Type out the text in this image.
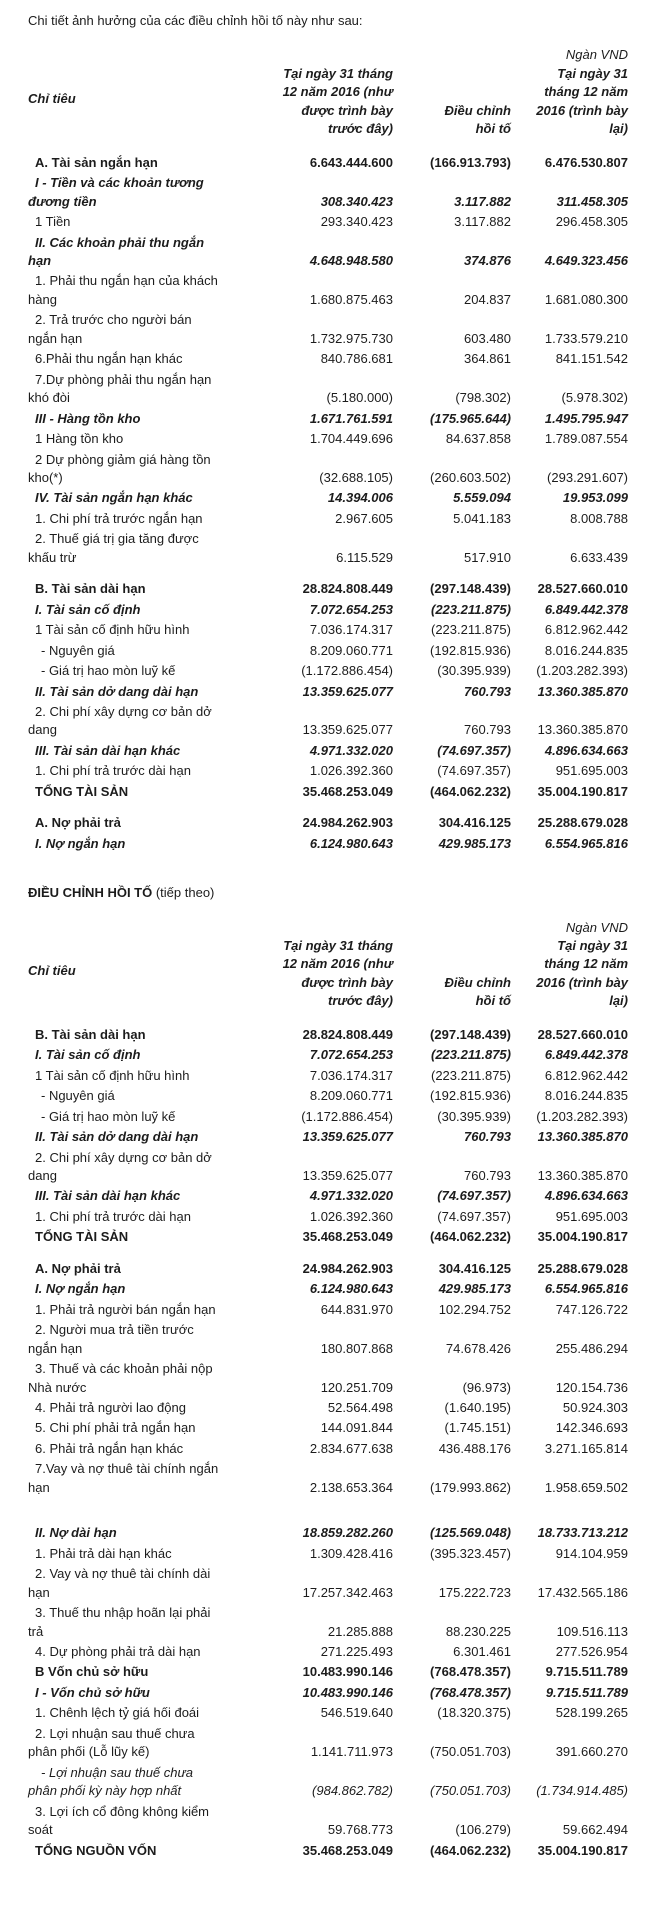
Chi tiết ảnh hưởng của các điều chỉnh hồi tố này như sau:

Ngàn VND
Chỉ tiêu	Tại ngày 31 tháng 12 năm 2016 (như được trình bày trước đây)	Điều chỉnh hồi tố	Tại ngày 31 tháng 12 năm 2016 (trình bày lại)
A. Tài sản ngắn hạn	6.643.444.600	(166.913.793)	6.476.530.807
I - Tiền và các khoản tương đương tiền	308.340.423	3.117.882	311.458.305
1 Tiền	293.340.423	3.117.882	296.458.305
II. Các khoản phải thu ngắn hạn	4.648.948.580	374.876	4.649.323.456
1. Phải thu ngắn hạn của khách hàng	1.680.875.463	204.837	1.681.080.300
2. Trả trước cho người bán ngắn hạn	1.732.975.730	603.480	1.733.579.210
6.Phải thu ngắn hạn khác	840.786.681	364.861	841.151.542
7.Dự phòng phải thu ngắn hạn khó đòi	(5.180.000)	(798.302)	(5.978.302)
III - Hàng tồn kho	1.671.761.591	(175.965.644)	1.495.795.947
1 Hàng tồn kho	1.704.449.696	84.637.858	1.789.087.554
2 Dự phòng giảm giá hàng tồn kho(*)	(32.688.105)	(260.603.502)	(293.291.607)
IV. Tài sản ngắn hạn khác	14.394.006	5.559.094	19.953.099
1. Chi phí trả trước ngắn hạn	2.967.605	5.041.183	8.008.788
2. Thuế giá trị gia tăng được khấu trừ	6.115.529	517.910	6.633.439
B. Tài sản dài hạn	28.824.808.449	(297.148.439)	28.527.660.010
I. Tài sản cố định	7.072.654.253	(223.211.875)	6.849.442.378
1 Tài sản cố định hữu hình	7.036.174.317	(223.211.875)	6.812.962.442
- Nguyên giá	8.209.060.771	(192.815.936)	8.016.244.835
- Giá trị hao mòn luỹ kế	(1.172.886.454)	(30.395.939)	(1.203.282.393)
II. Tài sản dở dang dài hạn	13.359.625.077	760.793	13.360.385.870
2. Chi phí xây dựng cơ bản dở dang	13.359.625.077	760.793	13.360.385.870
III. Tài sản dài hạn khác	4.971.332.020	(74.697.357)	4.896.634.663
1. Chi phí trả trước dài hạn	1.026.392.360	(74.697.357)	951.695.003
TỔNG TÀI SẢN	35.468.253.049	(464.062.232)	35.004.190.817
A. Nợ phải trả	24.984.262.903	304.416.125	25.288.679.028
I. Nợ ngắn hạn	6.124.980.643	429.985.173	6.554.965.816
ĐIỀU CHỈNH HỒI TỐ (tiếp theo)
Ngàn VND
Chỉ tiêu	Tại ngày 31 tháng 12 năm 2016 (như được trình bày trước đây)	Điều chỉnh hồi tố	Tại ngày 31 tháng 12 năm 2016 (trình bày lại)
B. Tài sản dài hạn	28.824.808.449	(297.148.439)	28.527.660.010
I. Tài sản cố định	7.072.654.253	(223.211.875)	6.849.442.378
1 Tài sản cố định hữu hình	7.036.174.317	(223.211.875)	6.812.962.442
- Nguyên giá	8.209.060.771	(192.815.936)	8.016.244.835
- Giá trị hao mòn luỹ kế	(1.172.886.454)	(30.395.939)	(1.203.282.393)
II. Tài sản dở dang dài hạn	13.359.625.077	760.793	13.360.385.870
2. Chi phí xây dựng cơ bản dở dang	13.359.625.077	760.793	13.360.385.870
III. Tài sản dài hạn khác	4.971.332.020	(74.697.357)	4.896.634.663
1. Chi phí trả trước dài hạn	1.026.392.360	(74.697.357)	951.695.003
TỔNG TÀI SẢN	35.468.253.049	(464.062.232)	35.004.190.817
A. Nợ phải trả	24.984.262.903	304.416.125	25.288.679.028
I. Nợ ngắn hạn	6.124.980.643	429.985.173	6.554.965.816
1. Phải trả người bán ngắn hạn	644.831.970	102.294.752	747.126.722
2. Người mua trả tiền trước ngắn hạn	180.807.868	74.678.426	255.486.294
3. Thuế và các khoản phải nộp Nhà nước	120.251.709	(96.973)	120.154.736
4. Phải trả người lao động	52.564.498	(1.640.195)	50.924.303
5. Chi phí phải trả ngắn hạn	144.091.844	(1.745.151)	142.346.693
6. Phải trả ngắn hạn khác	2.834.677.638	436.488.176	3.271.165.814
7.Vay và nợ thuê tài chính ngắn hạn	2.138.653.364	(179.993.862)	1.958.659.502
II. Nợ dài hạn	18.859.282.260	(125.569.048)	18.733.713.212
1. Phải trả dài hạn khác	1.309.428.416	(395.323.457)	914.104.959
2. Vay và nợ thuê tài chính dài hạn	17.257.342.463	175.222.723	17.432.565.186
3. Thuế thu nhập hoãn lại phải trả	21.285.888	88.230.225	109.516.113
4. Dự phòng phải trả dài hạn	271.225.493	6.301.461	277.526.954
B Vốn chủ sở hữu	10.483.990.146	(768.478.357)	9.715.511.789
I - Vốn chủ sở hữu	10.483.990.146	(768.478.357)	9.715.511.789
1. Chênh lệch tỷ giá hối đoái	546.519.640	(18.320.375)	528.199.265
2. Lợi nhuận sau thuế chưa phân phối (Lỗ lũy kế)	1.141.711.973	(750.051.703)	391.660.270
- Lợi nhuận sau thuế chưa phân phối kỳ này hợp nhất	(984.862.782)	(750.051.703)	(1.734.914.485)
3. Lợi ích cổ đông không kiểm soát	59.768.773	(106.279)	59.662.494
TỔNG NGUỒN VỐN	35.468.253.049	(464.062.232)	35.004.190.817
